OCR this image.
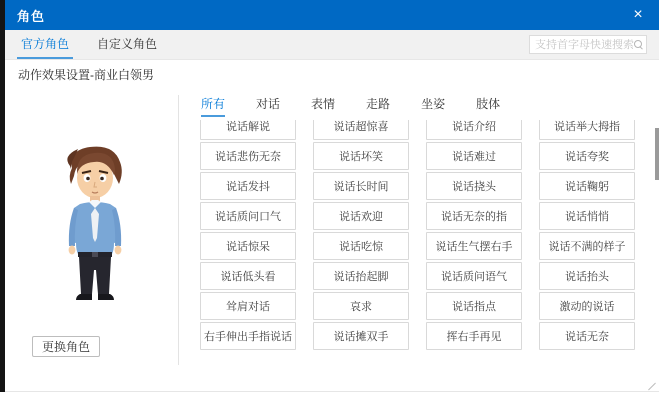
角色	×
官方角色	自定义角色
支持首字母快速搜索
动作效果设置-商业白领男
更换角色
所有	对话	表情	走路	坐姿	肢体
说话解说	说话超惊喜	说话介绍	说话举大拇指
说话悲伤无奈	说话坏笑	说话难过	说话夸奖
说话发抖	说话长时间	说话挠头	说话鞠躬
说话质问口气	说话欢迎	说话无奈的指	说话悄悄
说话惊呆	说话吃惊	说话生气摆右手	说话不满的样子
说话低头看	说话抬起脚	说话质问语气	说话抬头
耸肩对话	哀求	说话指点	激动的说话
右手伸出手指说话	说话摊双手	挥右手再见	说话无奈
